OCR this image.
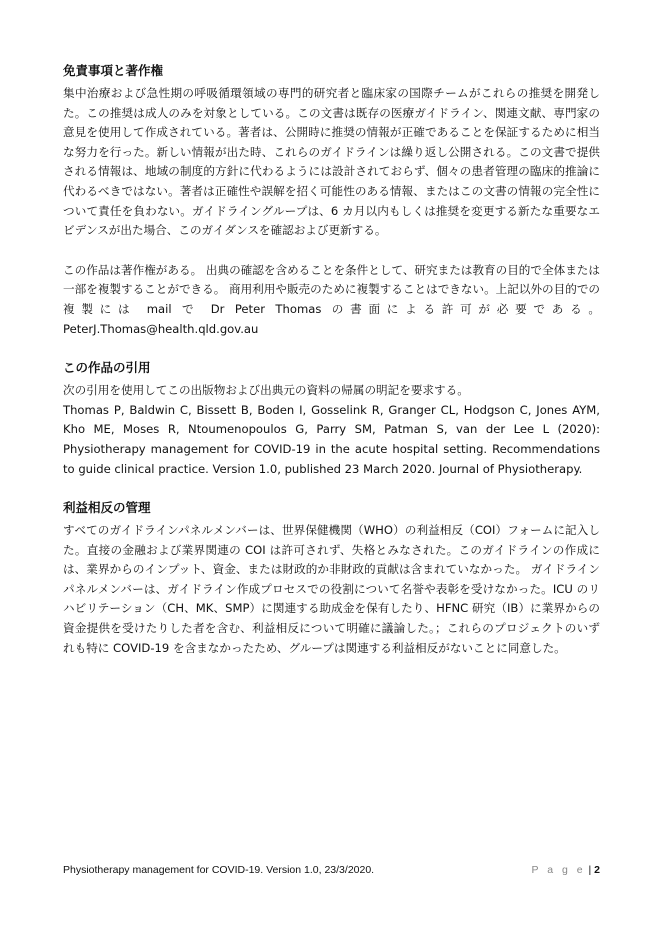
免責事項と著作権

集中治療および急性期の呼吸循環領域の専門的研究者と臨床家の国際チームがこれらの推奨を開発した。この推奨は成人のみを対象としている。この文書は既存の医療ガイドライン、関連文献、専門家の意見を使用して作成されている。著者は、公開時に推奨の情報が正確であることを保証するために相当な努力を行った。新しい情報が出た時、これらのガイドラインは繰り返し公開される。この文書で提供される情報は、地域の制度的方針に代わるようには設計されておらず、個々の患者管理の臨床的推論に代わるべきではない。著者は正確性や誤解を招く可能性のある情報、またはこの文書の情報の完全性について責任を負わない。ガイドライングループは、6 カ月以内もしくは推奨を変更する新たな重要なエビデンスが出た場合、このガイダンスを確認および更新する。

この作品は著作権がある。 出典の確認を含めることを条件として、研究または教育の目的で全体または一部を複製することができる。 商用利用や販売のために複製することはできない。上記以外の目的での複製には mail で Dr Peter Thomas の書面による許可が必要である。PeterJ.Thomas@health.qld.gov.au

この作品の引用

次の引用を使用してこの出版物および出典元の資料の帰属の明記を要求する。

Thomas P, Baldwin C, Bissett B, Boden I, Gosselink R, Granger CL, Hodgson C, Jones AYM, Kho ME, Moses R, Ntoumenopoulos G, Parry SM, Patman S, van der Lee L (2020): Physiotherapy management for COVID-19 in the acute hospital setting. Recommendations to guide clinical practice. Version 1.0, published 23 March 2020. Journal of Physiotherapy.

利益相反の管理

すべてのガイドラインパネルメンバーは、世界保健機関（WHO）の利益相反（COI）フォームに記入した。直接の金融および業界関連の COI は許可されず、失格とみなされた。このガイドラインの作成には、業界からのインプット、資金、または財政的か非財政的貢献は含まれていなかった。 ガイドラインパネルメンバーは、ガイドライン作成プロセスでの役割について名誉や表彰を受けなかった。ICU のリハビリテーション（CH、MK、SMP）に関連する助成金を保有したり、HFNC 研究（IB）に業界からの資金提供を受けたりした者を含む、利益相反について明確に議論した。；これらのプロジェクトのいずれも特に COVID-19 を含まなかったため、グループは関連する利益相反がないことに同意した。

Physiotherapy management for COVID-19. Version 1.0, 23/3/2020.	P a g e | 2
